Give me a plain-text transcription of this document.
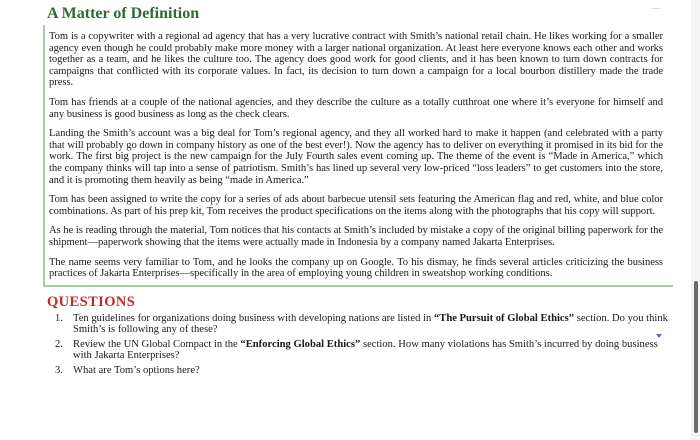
A Matter of Definition

Tom is a copywriter with a regional ad agency that has a very lucrative contract with Smith’s national retail chain. He likes working for a smaller agency even though he could probably make more money with a larger national organization. At least here everyone knows each other and works together as a team, and he likes the culture too. The agency does good work for good clients, and it has been known to turn down contracts for campaigns that conflicted with its corporate values. In fact, its decision to turn down a campaign for a local bourbon distillery made the trade press.

Tom has friends at a couple of the national agencies, and they describe the culture as a totally cutthroat one where it’s everyone for himself and any business is good business as long as the check clears.

Landing the Smith’s account was a big deal for Tom’s regional agency, and they all worked hard to make it happen (and celebrated with a party that will probably go down in company history as one of the best ever!). Now the agency has to deliver on everything it promised in its bid for the work. The first big project is the new campaign for the July Fourth sales event coming up. The theme of the event is “Made in America,” which the company thinks will tap into a sense of patriotism. Smith’s has lined up several very low-priced “loss leaders” to get customers into the store, and it is promoting them heavily as being “made in America.”

Tom has been assigned to write the copy for a series of ads about barbecue utensil sets featuring the American flag and red, white, and blue color combinations. As part of his prep kit, Tom receives the product specifications on the items along with the photographs that his copy will support.

As he is reading through the material, Tom notices that his contacts at Smith’s included by mistake a copy of the original billing paperwork for the shipment—paperwork showing that the items were actually made in Indonesia by a company named Jakarta Enterprises.

The name seems very familiar to Tom, and he looks the company up on Google. To his dismay, he finds several articles criticizing the business practices of Jakarta Enterprises—specifically in the area of employing young children in sweatshop working conditions.

QUESTIONS
1. Ten guidelines for organizations doing business with developing nations are listed in “The Pursuit of Global Ethics” section. Do you think Smith’s is following any of these?
2. Review the UN Global Compact in the “Enforcing Global Ethics” section. How many violations has Smith’s incurred by doing business with Jakarta Enterprises?
3. What are Tom’s options here?
